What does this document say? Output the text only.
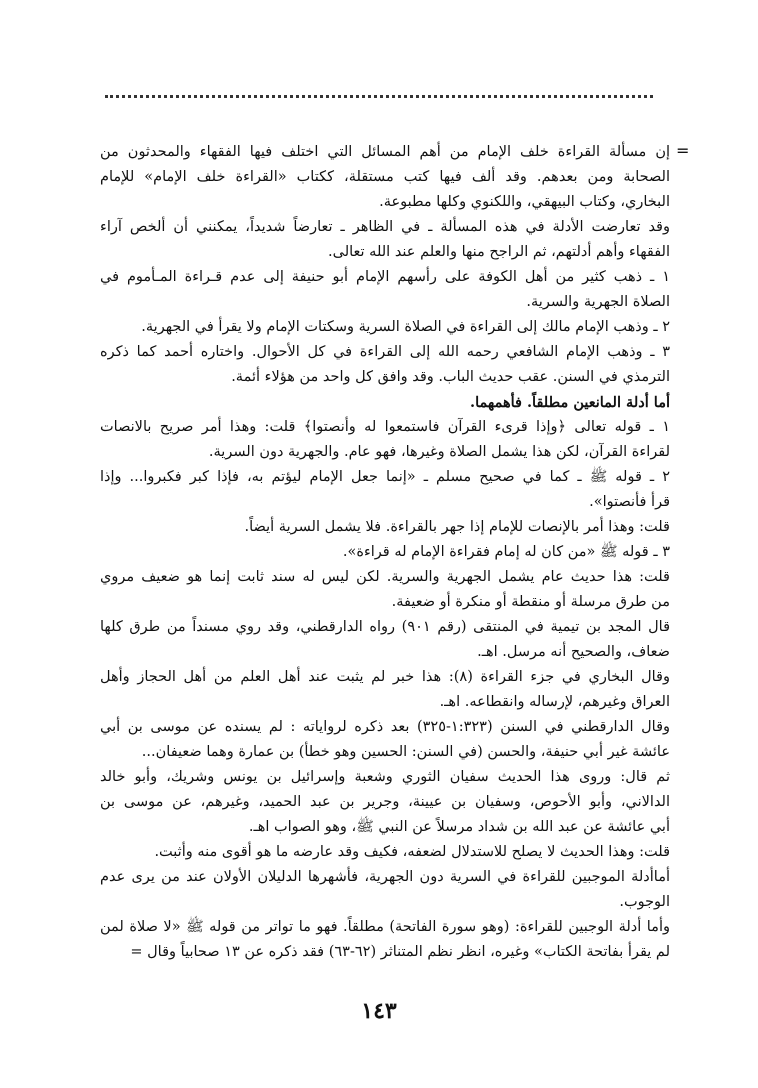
=
إن مسألة القراءة خلف الإمام من أهم المسائل التي اختلف فيها الفقهاء والمحدثون من
الصحابة ومن بعدهم. وقد ألف فيها كتب مستقلة، ككتاب «القراءة خلف الإمام» للإمام
البخاري، وكتاب البيهقي، واللكنوي وكلها مطبوعة.
وقد تعارضت الأدلة في هذه المسألة ـ في الظاهر ـ تعارضاً شديداً، يمكنني أن ألخص آراء
الفقهاء وأهم أدلتهم، ثم الراجح منها والعلم عند الله تعالى.
١ ـ ذهب كثير من أهل الكوفة على رأسهم الإمام أبو حنيفة إلى عدم قـراءة المـأموم في
الصلاة الجهرية والسرية.
٢ ـ وذهب الإمام مالك إلى القراءة في الصلاة السرية وسكتات الإمام ولا يقرأ في الجهرية.
٣ ـ وذهب الإمام الشافعي رحمه الله إلى القراءة في كل الأحوال. واختاره أحمد كما ذكره
الترمذي في السنن. عقب حديث الباب. وقد وافق كل واحد من هؤلاء أئمة.
أما أدلة المانعين مطلقاً. فأهمهما.
١ ـ قوله تعالى ﴿وإذا قرىء القرآن فاستمعوا له وأنصتوا﴾ قلت: وهذا أمر صريح بالانصات
لقراءة القرآن، لكن هذا يشمل الصلاة وغيرها، فهو عام. والجهرية دون السرية.
٢ ـ قوله ﷺ ـ كما في صحيح مسلم ـ «إنما جعل الإمام ليؤتم به، فإذا كبر فكبروا... وإذا
قرأ فأنصتوا».
قلت: وهذا أمر بالإنصات للإمام إذا جهر بالقراءة. فلا يشمل السرية أيضاً.
٣ ـ قوله ﷺ «من كان له إمام فقراءة الإمام له قراءة».
قلت: هذا حديث عام يشمل الجهرية والسرية. لكن ليس له سند ثابت إنما هو ضعيف مروي
من طرق مرسلة أو منقطة أو منكرة أو ضعيفة.
قال المجد بن تيمية في المنتقى (رقم ٩٠١) رواه الدارقطني، وقد روي مسنداً من طرق كلها
ضعاف، والصحيح أنه مرسل. اهـ.
وقال البخاري في جزء القراءة (٨): هذا خبر لم يثبت عند أهل العلم من أهل الحجاز وأهل
العراق وغيرهم، لإرساله وانقطاعه. اهـ.
وقال الدارقطني في السنن (١:٣٢٣-٣٢٥) بعد ذكره لرواياته : لم يسنده عن موسى بن أبي
عائشة غير أبي حنيفة، والحسن (في السنن: الحسين وهو خطأ) بن عمارة وهما ضعيفان...
ثم قال: وروى هذا الحديث سفيان الثوري وشعبة وإسرائيل بن يونس وشريك، وأبو خالد
الدالاني، وأبو الأحوص، وسفيان بن عيينة، وجرير بن عبد الحميد، وغيرهم، عن موسى بن
أبي عائشة عن عبد الله بن شداد مرسلاً عن النبي ﷺ، وهو الصواب اهـ.
قلت: وهذا الحديث لا يصلح للاستدلال لضعفه، فكيف وقد عارضه ما هو أقوى منه وأثبت.
أماأدلة الموجبين للقراءة في السرية دون الجهرية، فأشهرها الدليلان الأولان عند من يرى عدم
الوجوب.
وأما أدلة الوجبين للقراءة: (وهو سورة الفاتحة) مطلقاً. فهو ما تواتر من قوله ﷺ «لا صلاة لمن
لم يقرأ بفاتحة الكتاب» وغيره، انظر نظم المتناثر (٦٢-٦٣) فقد ذكره عن ١٣ صحابياً وقال =
١٤٣
